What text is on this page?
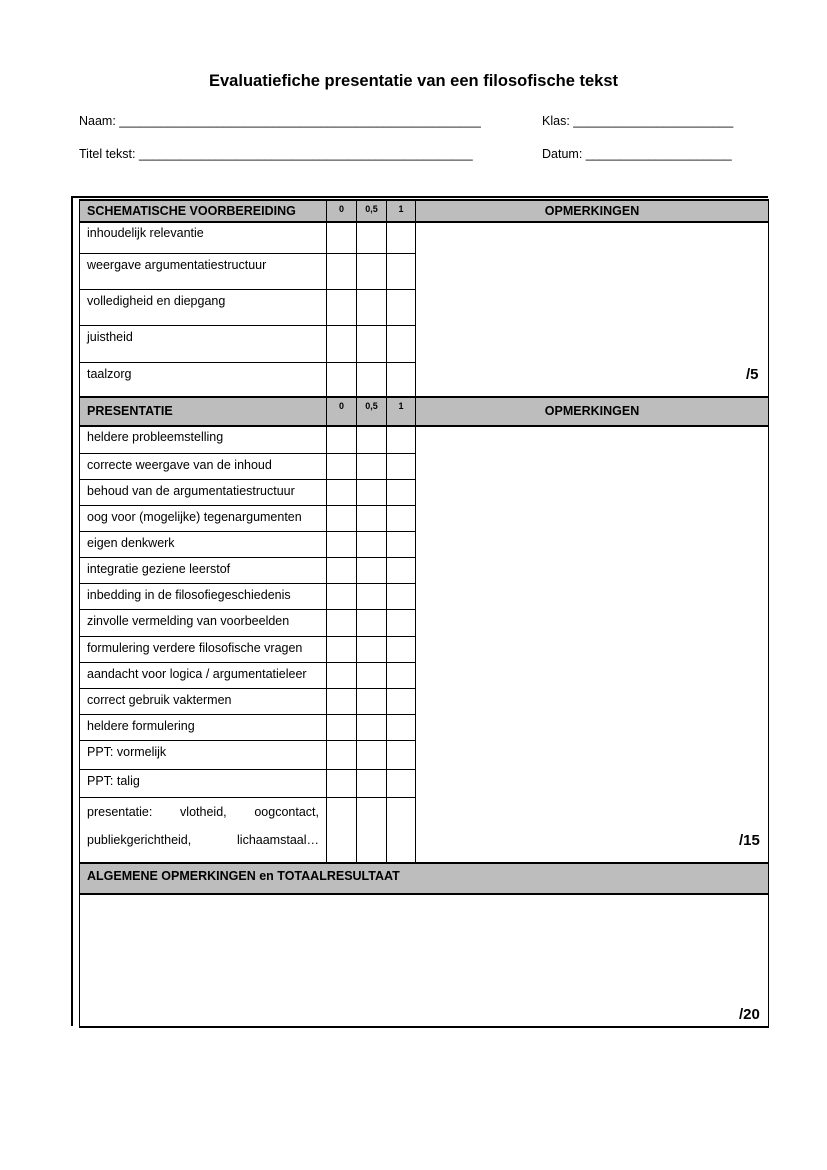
Evaluatiefiche presentatie van een filosofische tekst
Naam: ____________________________________________________	Klas: _______________________
Titel tekst: ________________________________________________	Datum: _____________________
SCHEMATISCHE VOORBEREIDING	0	0,5	1	OPMERKINGEN
inhoudelijk relevantie
weergave argumentatiestructuur
volledigheid en diepgang
juistheid
taalzorg
PRESENTATIE	0	0,5	1	OPMERKINGEN
heldere probleemstelling
correcte weergave van de inhoud
behoud van de argumentatiestructuur
oog voor (mogelijke) tegenargumenten
eigen denkwerk
integratie geziene leerstof
inbedding in de filosofiegeschiedenis
zinvolle vermelding van voorbeelden
formulering verdere filosofische vragen
aandacht voor logica / argumentatieleer
correct gebruik vaktermen
heldere formulering
PPT: vormelijk
PPT: talig
presentatie: vlotheid, oogcontact, publiekgerichtheid, lichaamstaal…
ALGEMENE OPMERKINGEN en TOTAALRESULTAAT
/5
/15
/20
